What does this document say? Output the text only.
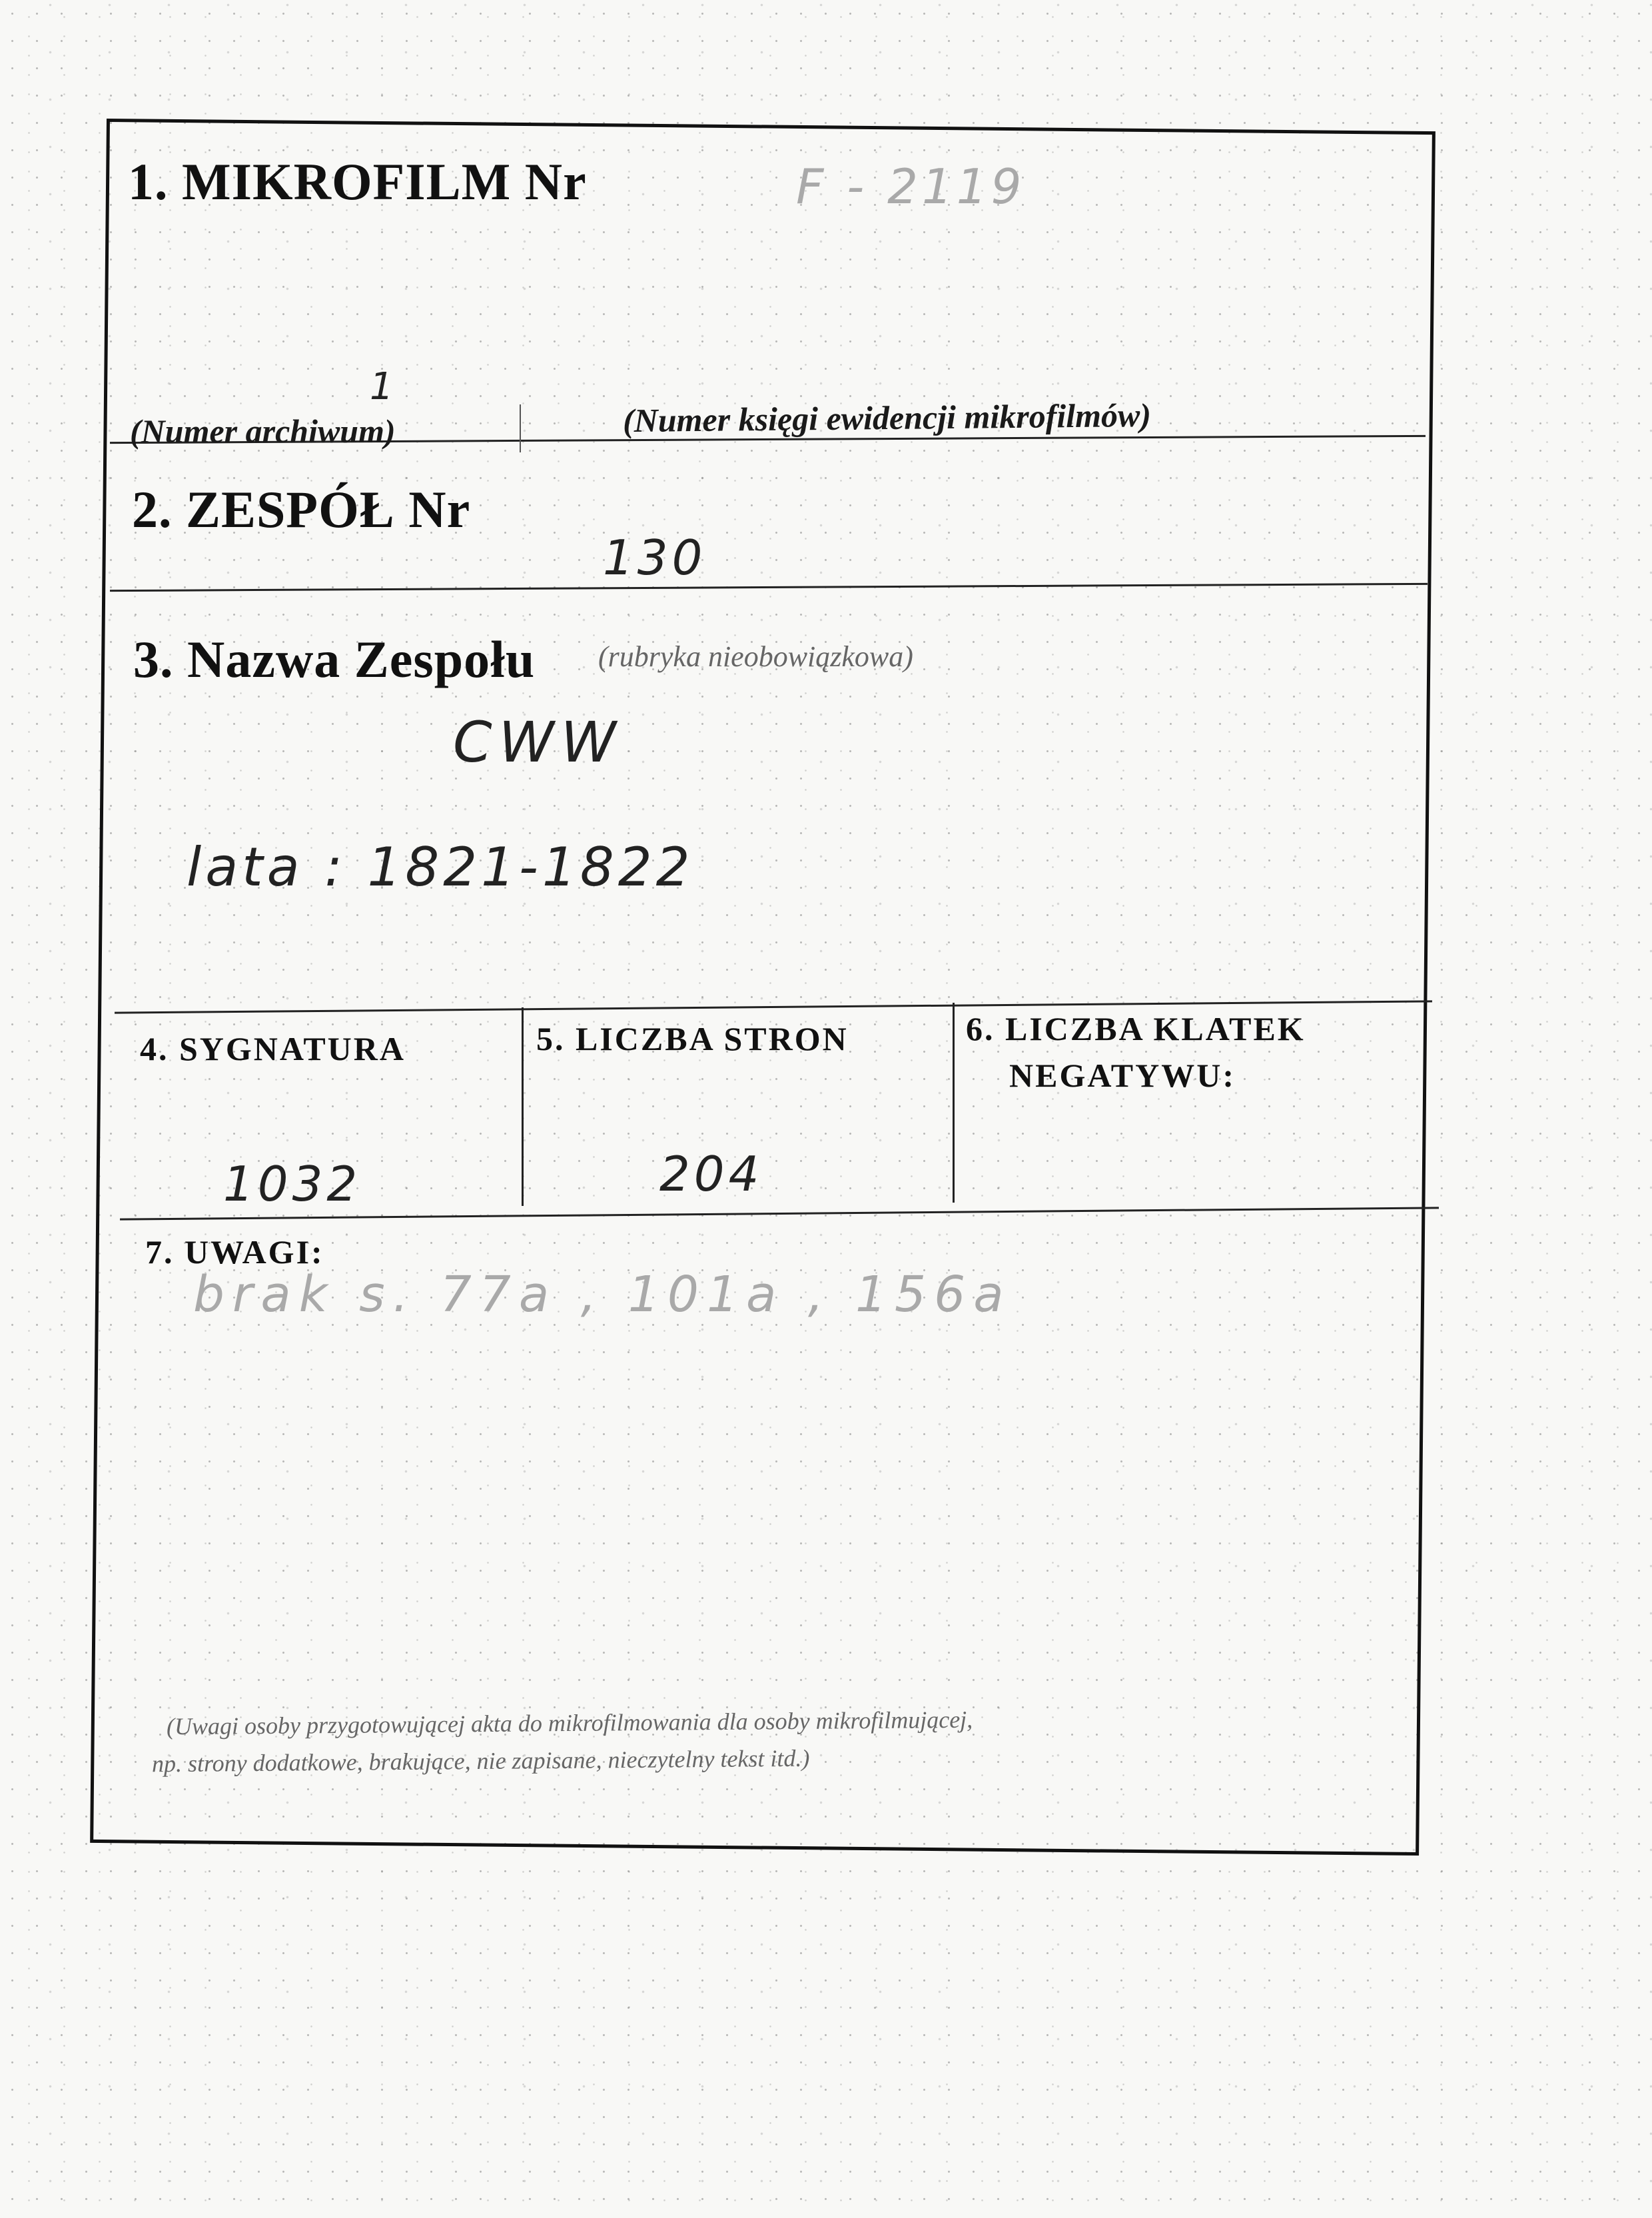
1. MIKROFILM Nr	F - 2119
1
(Numer archiwum)	(Numer księgi ewidencji mikrofilmów)
2. ZESPÓŁ Nr
130
3. Nazwa Zespołu (rubryka nieobowiązkowa)
CWW
lata : 1821-1822
4. SYGNATURA
1032
5. LICZBA STRON
204
6. LICZBA KLATEK
NEGATYWU:
7. UWAGI:
brak s. 77a , 101a , 156a
(Uwagi osoby przygotowującej akta do mikrofilmowania dla osoby mikrofilmującej,
np. strony dodatkowe, brakujące, nie zapisane, nieczytelny tekst itd.)
